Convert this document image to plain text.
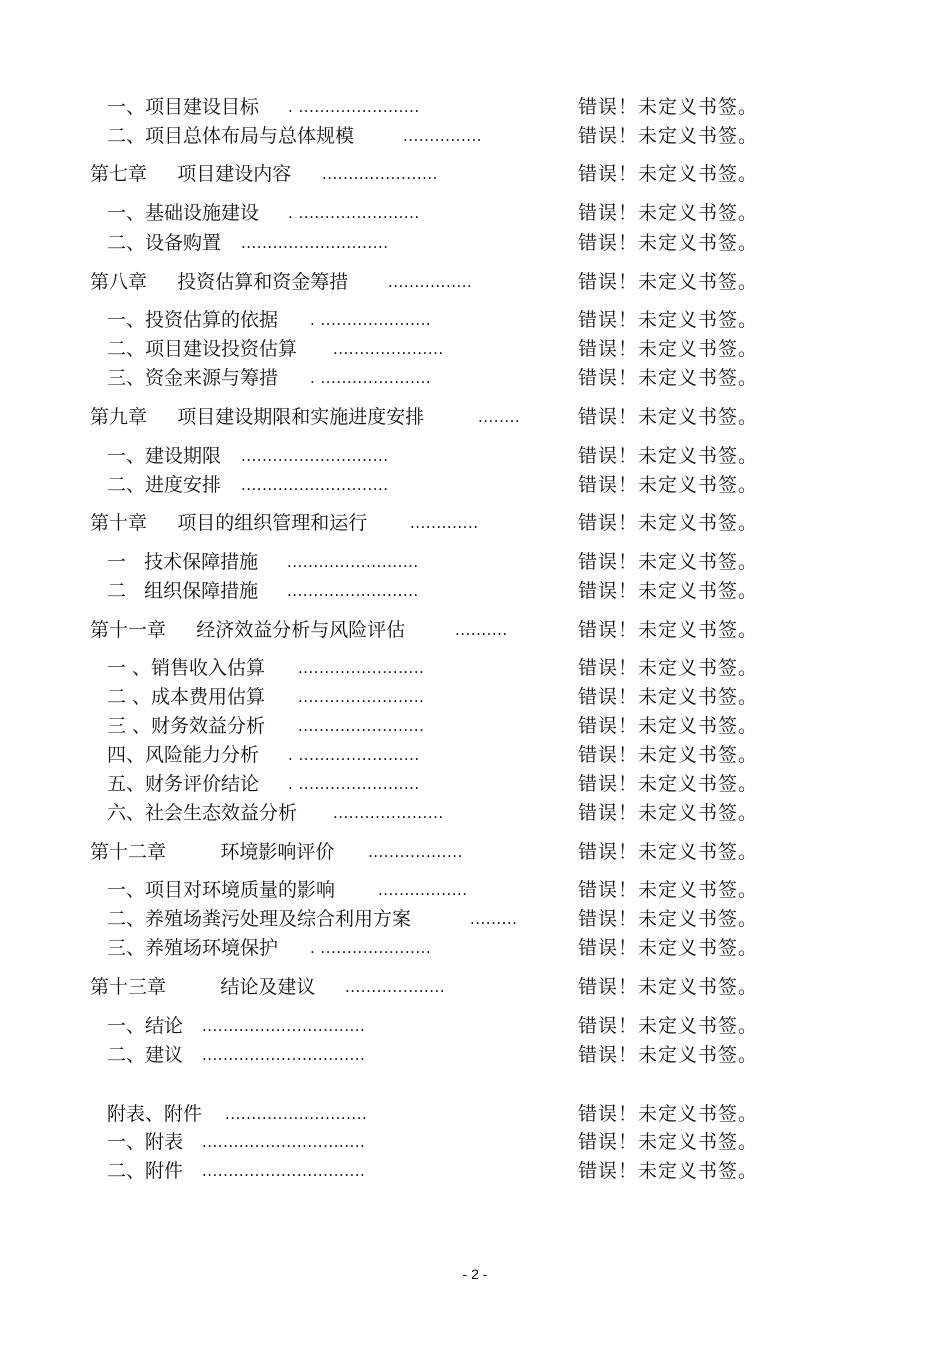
一、项目建设目标 . .......................	错误！未定义书签。
二、项目总体布局与总体规模	...............	错误！未定义书签。
第七章     项目建设内容 ......................	错误！未定义书签。
一、基础设施建设 . .......................	错误！未定义书签。
二、设备购置 ............................	错误！未定义书签。
第八章     投资估算和资金筹措	................	错误！未定义书签。
一、投资估算的依据 . .....................	错误！未定义书签。
二、项目建设投资估算 .....................	错误！未定义书签。
三、资金来源与筹措 . .....................	错误！未定义书签。
第九章     项目建设期限和实施进度安排	........	错误！未定义书签。
一、建设期限 ............................	错误！未定义书签。
二、进度安排 ............................	错误！未定义书签。
第十章     项目的组织管理和运行	.............	错误！未定义书签。
一   技术保障措施 .........................	错误！未定义书签。
二   组织保障措施 .........................	错误！未定义书签。
第十一章     经济效益分析与风险评估	..........	错误！未定义书签。
一 、销售收入估算 ........................	错误！未定义书签。
二 、成本费用估算 ........................	错误！未定义书签。
三 、财务效益分析 ........................	错误！未定义书签。
四、风险能力分析 . .......................	错误！未定义书签。
五、财务评价结论 . .......................	错误！未定义书签。
六、社会生态效益分析 .....................	错误！未定义书签。
第十二章         环境影响评价 ..................	错误！未定义书签。
一、项目对环境质量的影响	.................	错误！未定义书签。
二、养殖场粪污处理及综合利用方案	.........	错误！未定义书签。
三、养殖场环境保护 . .....................	错误！未定义书签。
第十三章         结论及建议 ...................	错误！未定义书签。
一、结论 ...............................	错误！未定义书签。
二、建议 ...............................	错误！未定义书签。
附表、附件 ...........................	错误！未定义书签。
一、附表 ...............................	错误！未定义书签。
二、附件 ...............................	错误！未定义书签。
- 2 -
